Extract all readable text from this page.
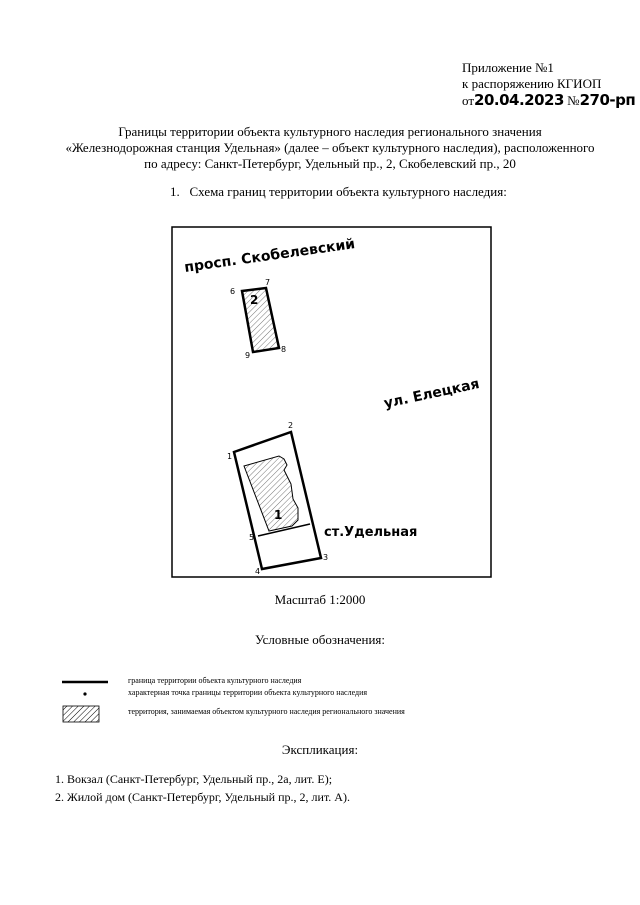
Приложение №1
к распоряжению КГИОП
от20.04.2023 №270-рп
Границы территории объекта культурного наследия регионального значения
«Железнодорожная станция Удельная» (далее – объект культурного наследия), расположенного
по адресу: Санкт-Петербург, Удельный пр., 2, Скобелевский пр., 20
1.   Схема границ территории объекта культурного наследия:
просп. Скобелевский
2
6
7
8
9
ул. Елецкая
1
1
2
3
4
5	ст.Удельная
Масштаб 1:2000
Условные обозначения:
граница территории объекта культурного наследия
характерная точка границы территории объекта культурного наследия
территория, занимаемая объектом культурного наследия регионального значения
Экспликация:
1. Вокзал (Санкт-Петербург, Удельный пр., 2а, лит. Е);
2. Жилой дом (Санкт-Петербург, Удельный пр., 2, лит. А).
